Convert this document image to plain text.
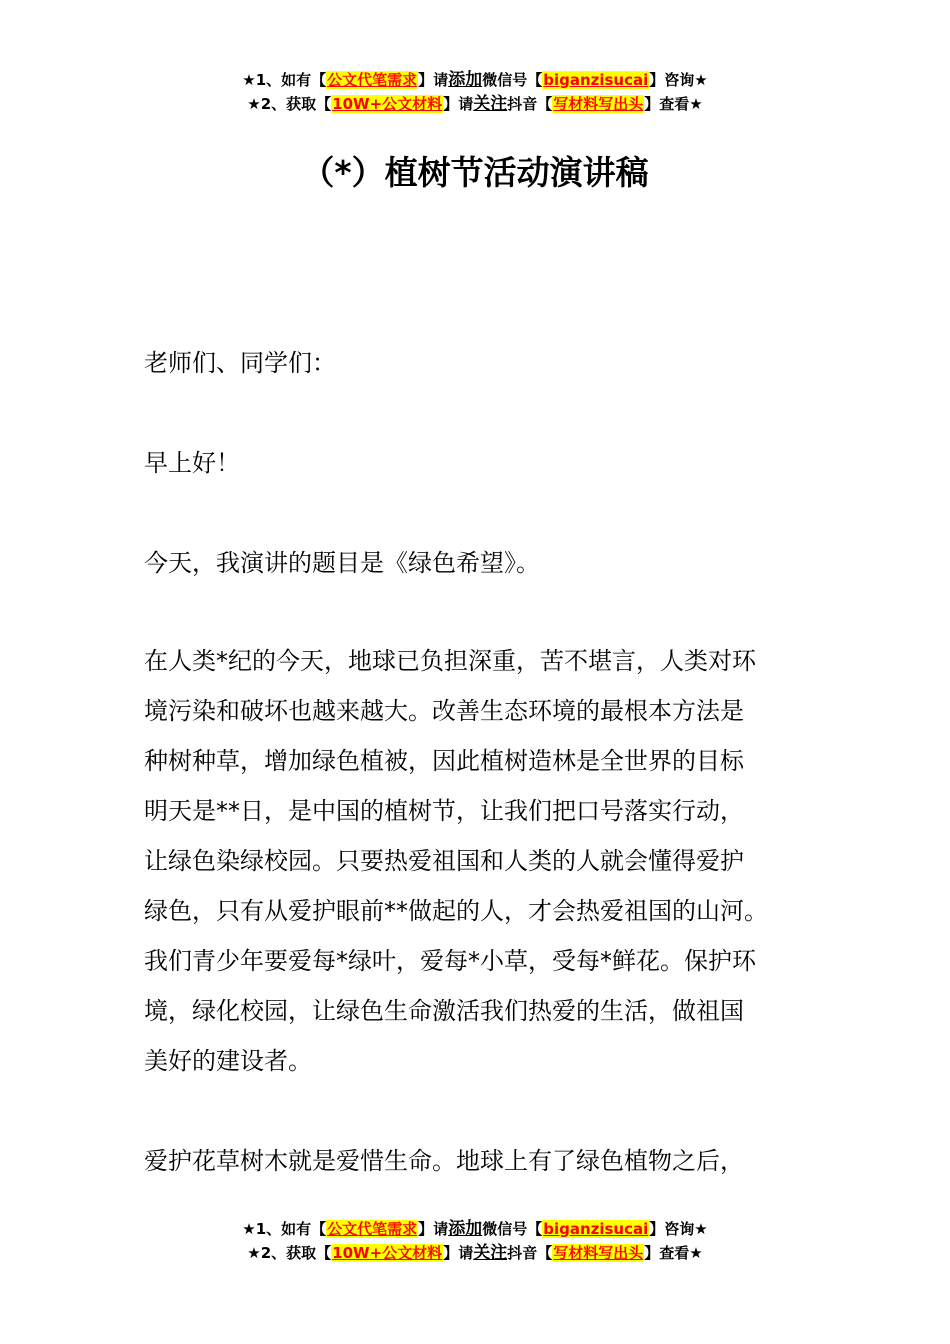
★1、如有【公文代笔需求】请添加微信号【biganzisucai】咨询★
★2、获取【10W+公文材料】请关注抖音【写材料写出头】查看★
（*）植树节活动演讲稿

老师们、同学们：

早上好！

今天，我演讲的题目是《绿色希望》。

在人类*纪的今天，地球已负担深重，苦不堪言，人类对环
境污染和破坏也越来越大。改善生态环境的最根本方法是
种树种草，增加绿色植被，因此植树造林是全世界的目标
明天是**日，是中国的植树节，让我们把口号落实行动，
让绿色染绿校园。只要热爱祖国和人类的人就会懂得爱护
绿色，只有从爱护眼前**做起的人，才会热爱祖国的山河。
我们青少年要爱每*绿叶，爱每*小草，受每*鲜花。保护环
境，绿化校园，让绿色生命激活我们热爱的生活，做祖国
美好的建设者。
爱护花草树木就是爱惜生命。地球上有了绿色植物之后，
★1、如有【公文代笔需求】请添加微信号【biganzisucai】咨询★
★2、获取【10W+公文材料】请关注抖音【写材料写出头】查看★
